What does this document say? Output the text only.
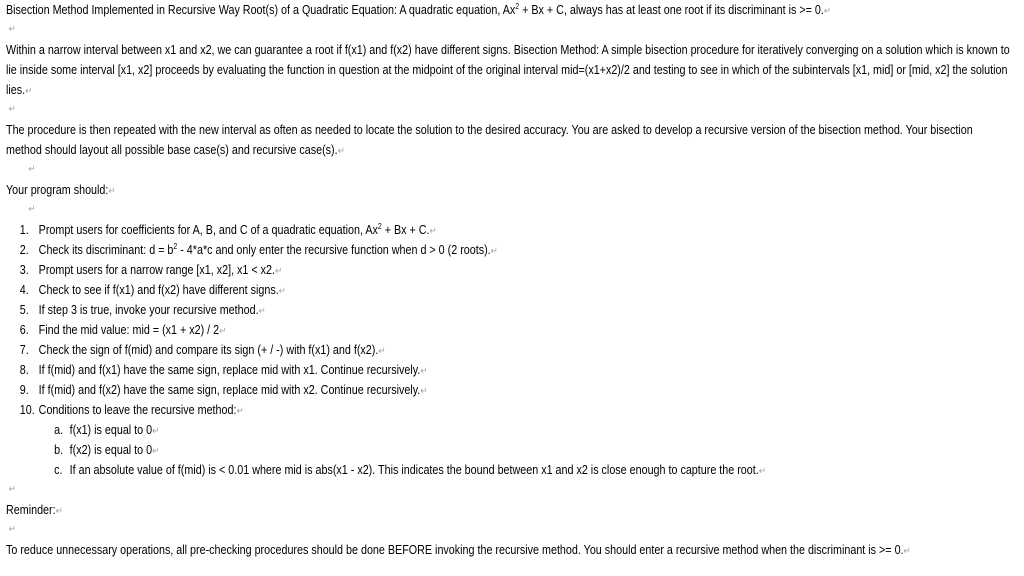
Bisection Method Implemented in Recursive Way Root(s) of a Quadratic Equation: A quadratic equation, $Ax^2 + Bx + C$, always has at least one root if its discriminant is >= 0.↵
↵
Within a narrow interval between x1 and x2, we can guarantee a root if f(x1) and f(x2) have different signs. Bisection Method: A simple bisection procedure for iteratively converging on a solution which is known to
lie inside some interval [x1, x2] proceeds by evaluating the function in question at the midpoint of the original interval mid=(x1+x2)/2 and testing to see in which of the subintervals [x1, mid] or [mid, x2] the solution
lies.↵
↵
The procedure is then repeated with the new interval as often as needed to locate the solution to the desired accuracy. You are asked to develop a recursive version of the bisection method. Your bisection
method should layout all possible base case(s) and recursive case(s).↵
↵
Your program should:↵
↵
1. Prompt users for coefficients for A, B, and C of a quadratic equation, $Ax^2 + Bx$ + C.↵
2. Check its discriminant: $d = b^2 - 4*a*c$ and only enter the recursive function when d > 0 (2 roots).↵
3. Prompt users for a narrow range [x1, x2], x1 < x2.↵
4. Check to see if f(x1) and f(x2) have different signs.↵
5. If step 3 is true, invoke your recursive method.↵
6. Find the mid value: mid = (x1 + x2) / 2↵
7. Check the sign of f(mid) and compare its sign (+ / -) with f(x1) and f(x2).↵
8. If f(mid) and f(x1) have the same sign, replace mid with x1. Continue recursively.↵
9. If f(mid) and f(x2) have the same sign, replace mid with x2. Continue recursively.↵
10. Conditions to leave the recursive method:↵
a. f(x1) is equal to 0↵
b. f(x2) is equal to 0↵
c. If an absolute value of f(mid) is < 0.01 where mid is abs(x1 - x2). This indicates the bound between x1 and x2 is close enough to capture the root.↵
↵
Reminder:↵
↵
To reduce unnecessary operations, all pre-checking procedures should be done BEFORE invoking the recursive method. You should enter a recursive method when the discriminant is >= 0.↵
